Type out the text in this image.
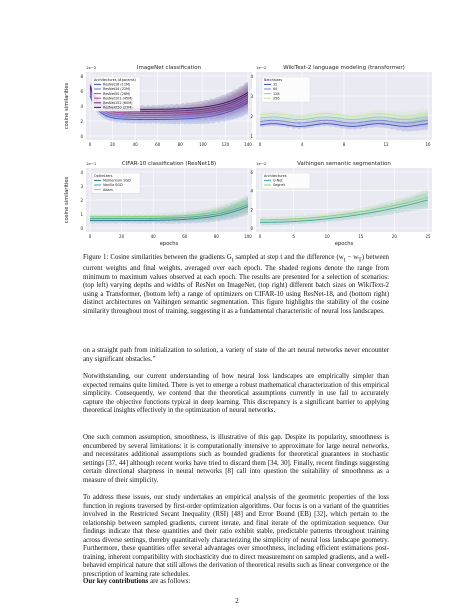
8
6
4
2
0
0	20	40	60	80	100	120	140
ImageNet classification
1e−2
cosine similarities
Architectures (#params)
ResNet18 (11M)
ResNet34 (22M)
ResNet50 (26M)
ResNet101 (45M)
ResNet152 (60M)
ResNeXt50 (25M)
4
3
2
1
0	4	8	12	16
WikiText-2 language modeling (transformer)
1e−2
Batchsizes
32
64
128
256
4
3
2
1
0
0	20	40	60	80	100
CIFAR-10 classification (ResNet18)
1e−1
cosine similarities
epochs
Optimizers
Momentum SGD
Vanilla SGD
Adam
6
4
2
0
0	5	10	15	20	25
Vaihingen semantic segmentation
1e−2
epochs
Architectures
U-Net
Segnet
Figure 1: Cosine similarities between the gradients $G_t$ sampled at step t and the difference $(w_t - w_T)$ between current weights and final weights, averaged over each epoch. The shaded regions denote the range from minimum to maximum values observed at each epoch. The results are presented for a selection of scenarios: (top left) varying depths and widths of ResNet on ImageNet, (top right) different batch sizes on WikiText-2 using a Transformer, (bottom left) a range of optimizers on CIFAR-10 using ResNet-18, and (bottom right) distinct architectures on Vaihingen semantic segmentation. This figure highlights the stability of the cosine similarity throughout most of training, suggesting it as a fundamental characteristic of neural loss landscapes.

on a straight path from initialization to solution, a variety of state of the art neural networks never encounter any significant obstacles.”

Notwithstanding, our current understanding of how neural loss landscapes are empirically simpler than expected remains quite limited. There is yet to emerge a robust mathematical characterization of this empirical simplicity. Consequently, we contend that the theoretical assumptions currently in use fail to accurately capture the objective functions typical in deep learning. This discrepancy is a significant barrier to applying theoretical insights effectively in the optimization of neural networks.

One such common assumption, smoothness, is illustrative of this gap. Despite its popularity, smoothness is encumbered by several limitations: it is computationally intensive to approximate for large neural networks, and necessitates additional assumptions such as bounded gradients for theoretical guarantees in stochastic settings [37, 44] although recent works have tried to discard them [34, 30]. Finally, recent findings suggesting certain directional sharpness in neural networks [8] call into question the suitability of smoothness as a measure of their simplicity.

To address these issues, our study undertakes an empirical analysis of the geometric properties of the loss function in regions traversed by first-order optimization algorithms. Our focus is on a variant of the quantities involved in the Restricted Secant Inequality (RSI) [48] and Error Bound (EB) [32], which pertain to the relationship between sampled gradients, current iterate, and final iterate of the optimization sequence. Our findings indicate that these quantities and their ratio exhibit stable, predictable patterns throughout training across diverse settings, thereby quantitatively characterizing the simplicity of neural loss landscape geometry. Furthermore, these quantities offer several advantages over smoothness, including efficient estimations post-training, inherent compatibility with stochasticity due to direct measurement on sampled gradients, and a well-behaved empirical nature that still allows the derivation of theoretical results such as linear convergence or the prescription of learning rate schedules.

Our key contributions are as follows:

2
